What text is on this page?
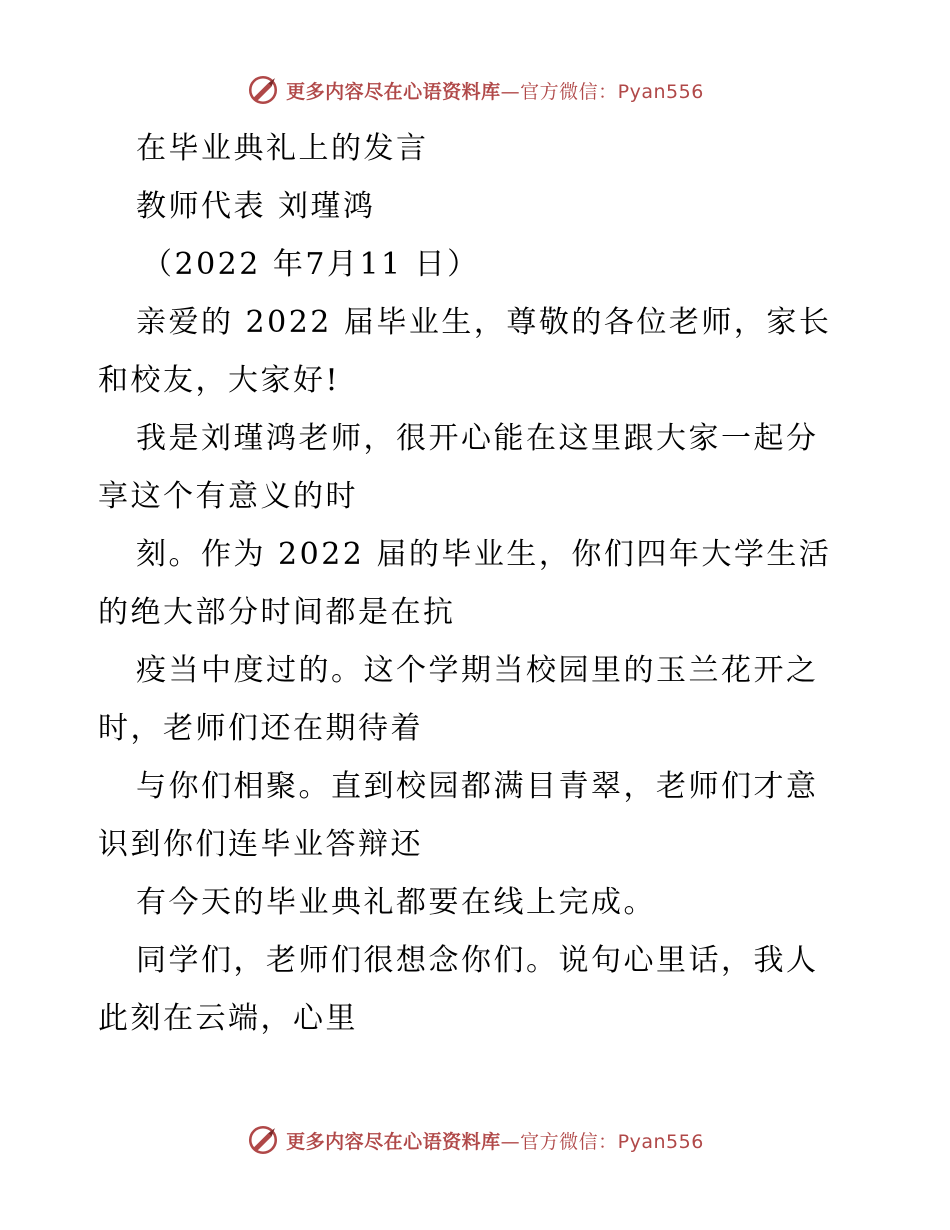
更多内容尽在心语资料库—官方微信：Pyan556
在毕业典礼上的发言
教师代表 刘瑾鸿
（2022 年7月11 日）
亲爱的 2022 届毕业生，尊敬的各位老师，家长
和校友，大家好!
我是刘瑾鸿老师，很开心能在这里跟大家一起分
享这个有意义的时
刻。作为 2022 届的毕业生，你们四年大学生活
的绝大部分时间都是在抗
疫当中度过的。这个学期当校园里的玉兰花开之
时，老师们还在期待着
与你们相聚。直到校园都满目青翠，老师们才意
识到你们连毕业答辩还
有今天的毕业典礼都要在线上完成。
同学们，老师们很想念你们。说句心里话，我人
此刻在云端，心里
更多内容尽在心语资料库—官方微信：Pyan556
